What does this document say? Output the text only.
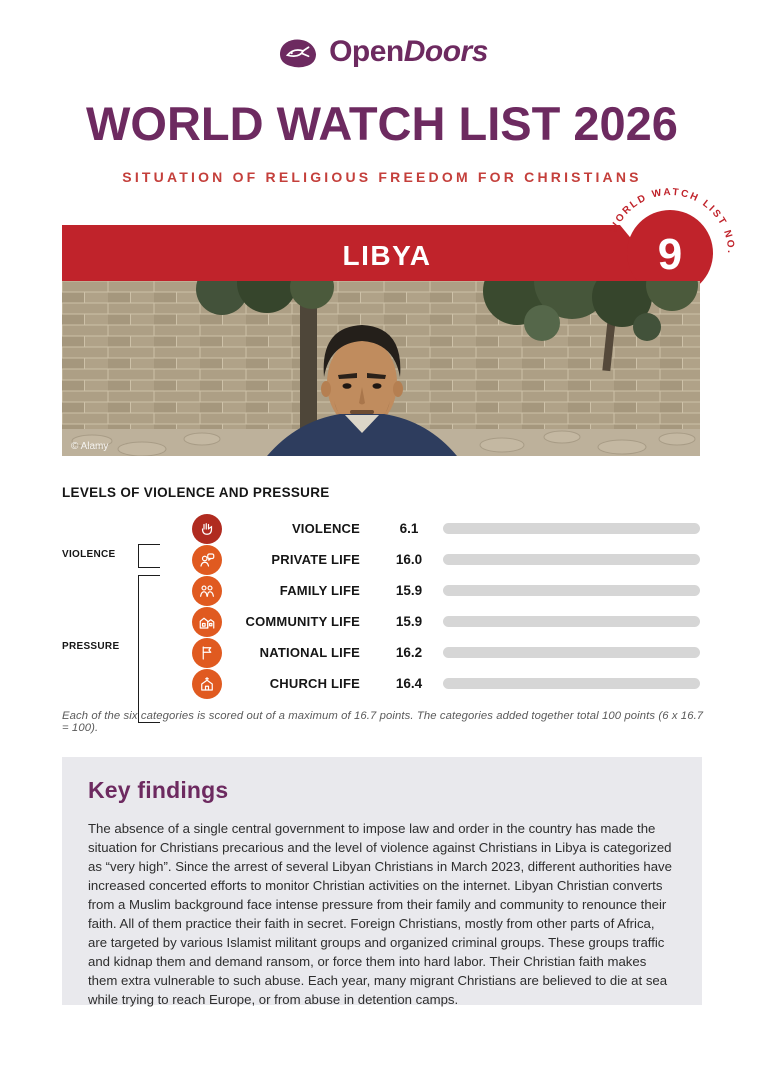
OpenDoors
WORLD WATCH LIST 2026
SITUATION OF RELIGIOUS FREEDOM FOR CHRISTIANS
WORLD WATCH LIST NO.
9
LIBYA
© Alamy
LEVELS OF VIOLENCE AND PRESSURE
VIOLENCE
PRESSURE
VIOLENCE	6.1
PRIVATE LIFE	16.0
FAMILY LIFE	15.9
COMMUNITY LIFE	15.9
NATIONAL LIFE	16.2
CHURCH LIFE	16.4
Each of the six categories is scored out of a maximum of 16.7 points. The categories added together total 100 points (6 x 16.7 = 100).
Key findings
The absence of a single central government to impose law and order in the country has made the situation for Christians precarious and the level of violence against Christians in Libya is categorized as “very high”. Since the arrest of several Libyan Christians in March 2023, different authorities have increased concerted efforts to monitor Christian activities on the internet. Libyan Christian converts from a Muslim background face intense pressure from their family and community to renounce their faith. All of them practice their faith in secret. Foreign Christians, mostly from other parts of Africa, are targeted by various Islamist militant groups and organized criminal groups. These groups traffic and kidnap them and demand ransom, or force them into hard labor. Their Christian faith makes them extra vulnerable to such abuse. Each year, many migrant Christians are believed to die at sea while trying to reach Europe, or from abuse in detention camps.
